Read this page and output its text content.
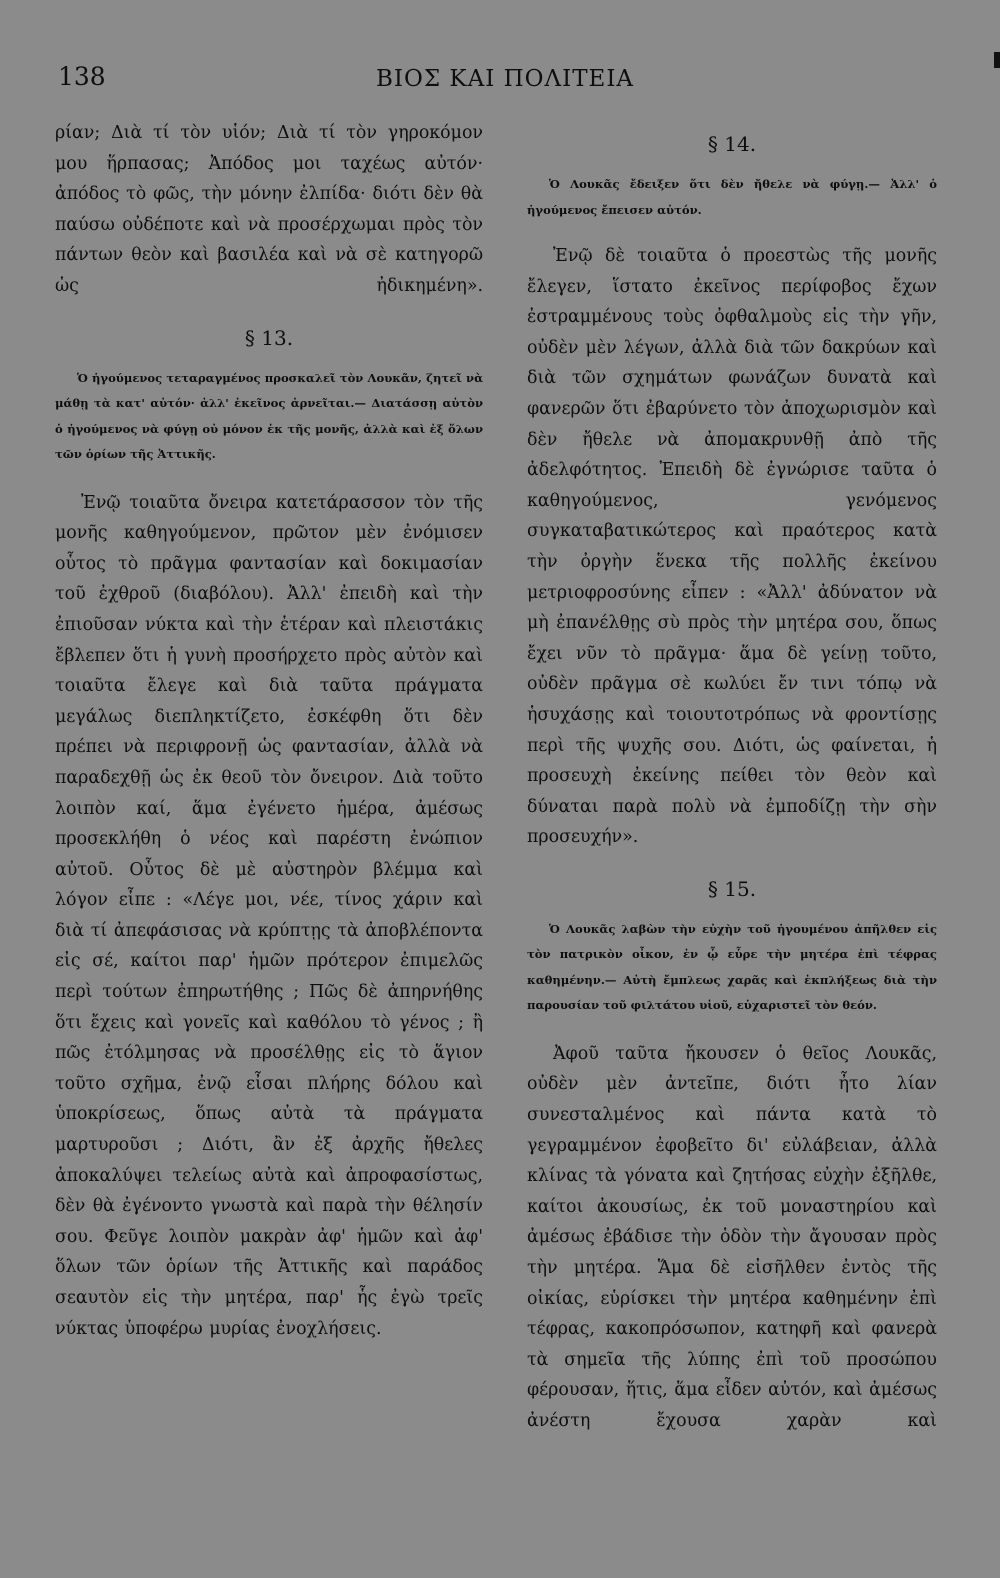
138	ΒΙΟΣ ΚΑΙ ΠΟΛΙΤΕΙΑ

ρίαν; Διὰ τί τὸν υἱόν; Διὰ τί τὸν γηροκόμον μου ἥρπασας; Ἀπόδος μοι ταχέως αὐτόν· ἀπόδος τὸ φῶς, τὴν μόνην ἐλπίδα· διότι δὲν θὰ παύσω οὐδέποτε καὶ νὰ προσέρχωμαι πρὸς τὸν πάντων θεὸν καὶ βασιλέα καὶ νὰ σὲ κατηγορῶ ὡς ἠδικημένη».

§ 13.

Ὁ ἡγούμενος τεταραγμένος προσκαλεῖ τὸν Λουκᾶν, ζητεῖ νὰ μάθῃ τὰ κατ' αὐτόν· ἀλλ' ἐκεῖνος ἀρνεῖται.— Διατάσσῃ αὐτὸν ὁ ἡγούμενος νὰ φύγῃ οὐ μόνον ἐκ τῆς μονῆς, ἀλλὰ καὶ ἐξ ὅλων τῶν ὁρίων τῆς Ἀττικῆς.

Ἐνῷ τοιαῦτα ὄνειρα κατετάρασσον τὸν τῆς μονῆς καθηγούμενον, πρῶτον μὲν ἐνόμισεν οὗτος τὸ πρᾶγμα φαντασίαν καὶ δοκιμασίαν τοῦ ἐχθροῦ (διαβόλου). Ἀλλ' ἐπειδὴ καὶ τὴν ἐπιοῦσαν νύκτα καὶ τὴν ἑτέραν καὶ πλειστάκις ἔβλεπεν ὅτι ἡ γυνὴ προσήρχετο πρὸς αὐτὸν καὶ τοιαῦτα ἔλεγε καὶ διὰ ταῦτα πράγματα μεγάλως διεπληκτίζετο, ἐσκέφθη ὅτι δὲν πρέπει νὰ περιφρονῇ ὡς φαντασίαν, ἀλλὰ νὰ παραδεχθῇ ὡς ἐκ θεοῦ τὸν ὄνειρον. Διὰ τοῦτο λοιπὸν καί, ἅμα ἐγένετο ἡμέρα, ἀμέσως προσεκλήθη ὁ νέος καὶ παρέστη ἐνώπιον αὐτοῦ. Οὗτος δὲ μὲ αὐστηρὸν βλέμμα καὶ λόγον εἶπε : «Λέγε μοι, νέε, τίνος χάριν καὶ διὰ τί ἀπεφάσισας νὰ κρύπτῃς τὰ ἀποβλέποντα εἰς σέ, καίτοι παρ' ἡμῶν πρότερον ἐπιμελῶς περὶ τούτων ἐπηρωτήθης ; Πῶς δὲ ἀπηρνήθης ὅτι ἔχεις καὶ γονεῖς καὶ καθόλου τὸ γένος ; ἢ πῶς ἐτόλμησας νὰ προσέλθῃς εἰς τὸ ἅγιον τοῦτο σχῆμα, ἐνῷ εἶσαι πλήρης δόλου καὶ ὑποκρίσεως, ὅπως αὐτὰ τὰ πράγματα μαρτυροῦσι ; Διότι, ἂν ἐξ ἀρχῆς ἤθελες ἀποκαλύψει τελείως αὐτὰ καὶ ἀπροφασίστως, δὲν θὰ ἐγένοντο γνωστὰ καὶ παρὰ τὴν θέλησίν σου. Φεῦγε λοιπὸν μακρὰν ἀφ' ἡμῶν καὶ ἀφ' ὅλων τῶν ὁρίων τῆς Ἀττικῆς καὶ παράδος σεαυτὸν εἰς τὴν μητέρα, παρ' ἧς ἐγὼ τρεῖς νύκτας ὑποφέρω μυρίας ἐνοχλήσεις.

§ 14.

Ὁ Λουκᾶς ἔδειξεν ὅτι δὲν ἤθελε νὰ φύγῃ.— Ἀλλ' ὁ ἡγούμενος ἔπεισεν αὐτόν.

Ἐνῷ δὲ τοιαῦτα ὁ προεστὼς τῆς μονῆς ἔλεγεν, ἵστατο ἐκεῖνος περίφοβος ἔχων ἐστραμμένους τοὺς ὀφθαλμοὺς εἰς τὴν γῆν, οὐδὲν μὲν λέγων, ἀλλὰ διὰ τῶν δακρύων καὶ διὰ τῶν σχημάτων φωνάζων δυνατὰ καὶ φανερῶν ὅτι ἐβαρύνετο τὸν ἀποχωρισμὸν καὶ δὲν ἤθελε νὰ ἀπομακρυνθῇ ἀπὸ τῆς ἀδελφότητος. Ἐπειδὴ δὲ ἐγνώρισε ταῦτα ὁ καθηγούμενος, γενόμενος συγκαταβατικώτερος καὶ πραότερος κατὰ τὴν ὀργὴν ἕνεκα τῆς πολλῆς ἐκείνου μετριοφροσύνης εἶπεν : «Ἀλλ' ἀδύνατον νὰ μὴ ἐπανέλθῃς σὺ πρὸς τὴν μητέρα σου, ὅπως ἔχει νῦν τὸ πρᾶγμα· ἅμα δὲ γείνῃ τοῦτο, οὐδὲν πρᾶγμα σὲ κωλύει ἔν τινι τόπῳ νὰ ἡσυχάσῃς καὶ τοιουτοτρόπως νὰ φροντίσῃς περὶ τῆς ψυχῆς σου. Διότι, ὡς φαίνεται, ἡ προσευχὴ ἐκείνης πείθει τὸν θεὸν καὶ δύναται παρὰ πολὺ νὰ ἐμποδίζῃ τὴν σὴν προσευχήν».

§ 15.

Ὁ Λουκᾶς λαβὼν τὴν εὐχὴν τοῦ ἡγουμένου ἀπῆλθεν εἰς τὸν πατρικὸν οἶκον, ἐν ᾧ εὗρε τὴν μητέρα ἐπὶ τέφρας καθημένην.— Αὐτὴ ἔμπλεως χαρᾶς καὶ ἐκπλήξεως διὰ τὴν παρουσίαν τοῦ φιλτάτου υἱοῦ, εὐχαριστεῖ τὸν θεόν.

Ἀφοῦ ταῦτα ἤκουσεν ὁ θεῖος Λουκᾶς, οὐδὲν μὲν ἀντεῖπε, διότι ἦτο λίαν συνεσταλμένος καὶ πάντα κατὰ τὸ γεγραμμένον ἐφοβεῖτο δι' εὐλάβειαν, ἀλλὰ κλίνας τὰ γόνατα καὶ ζητήσας εὐχὴν ἐξῆλθε, καίτοι ἀκουσίως, ἐκ τοῦ μοναστηρίου καὶ ἀμέσως ἐβάδισε τὴν ὁδὸν τὴν ἄγουσαν πρὸς τὴν μητέρα. Ἅμα δὲ εἰσῆλθεν ἐντὸς τῆς οἰκίας, εὑρίσκει τὴν μητέρα καθημένην ἐπὶ τέφρας, κακοπρόσωπον, κατηφῆ καὶ φανερὰ τὰ σημεῖα τῆς λύπης ἐπὶ τοῦ προσώπου φέρουσαν, ἥτις, ἅμα εἶδεν αὐτόν, καὶ ἀμέσως ἀνέστη ἔχουσα χαρὰν καὶ
